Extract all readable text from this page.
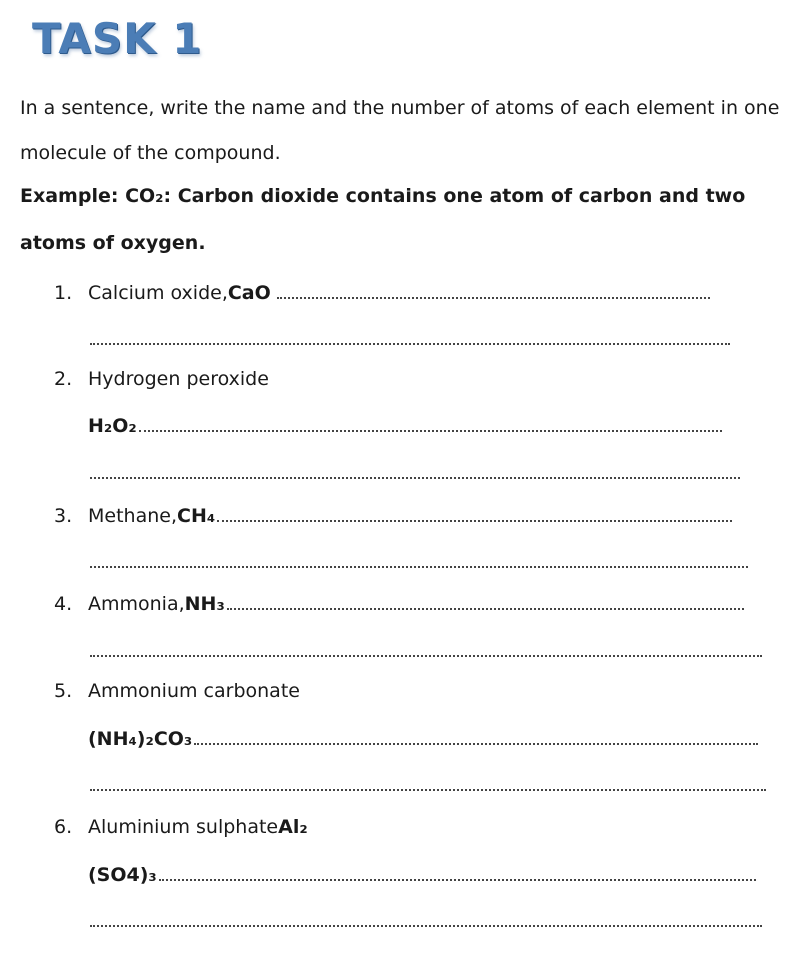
TASK 1
In a sentence, write the name and the number of atoms of each element in one
molecule of the compound.
Example: CO₂: Carbon dioxide contains one atom of carbon and two
atoms of oxygen.
1. Calcium oxide, CaO
2. Hydrogen peroxide
H₂O₂
3. Methane, CH₄
4. Ammonia, NH₃
5. Ammonium carbonate
(NH₄)₂CO₃
6. Aluminium sulphate Al₂
(SO4)₃
